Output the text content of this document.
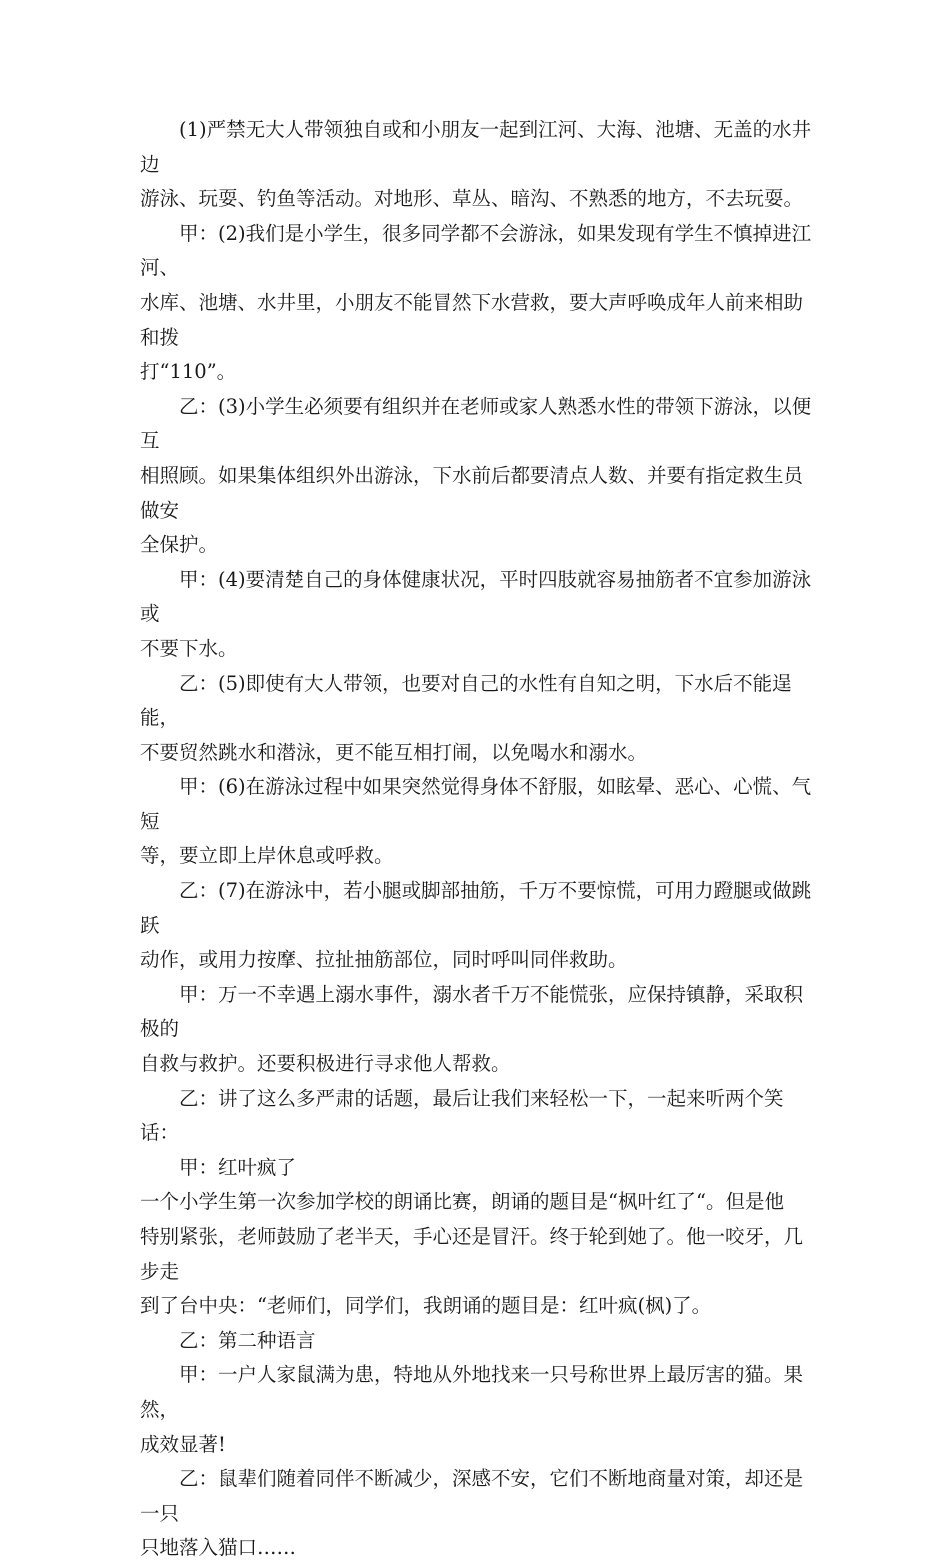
(1)严禁无大人带领独自或和小朋友一起到江河、大海、池塘、无盖的水井边
游泳、玩耍、钓鱼等活动。对地形、草丛、暗沟、不熟悉的地方，不去玩耍。

甲：(2)我们是小学生，很多同学都不会游泳，如果发现有学生不慎掉进江河、
水库、池塘、水井里，小朋友不能冒然下水营救，要大声呼唤成年人前来相助和拨
打“110”。

乙：(3)小学生必须要有组织并在老师或家人熟悉水性的带领下游泳，以便互
相照顾。如果集体组织外出游泳，下水前后都要清点人数、并要有指定救生员做安
全保护。

甲：(4)要清楚自己的身体健康状况，平时四肢就容易抽筋者不宜参加游泳或
不要下水。

乙：(5)即使有大人带领，也要对自己的水性有自知之明，下水后不能逞能，
不要贸然跳水和潜泳，更不能互相打闹，以免喝水和溺水。

甲：(6)在游泳过程中如果突然觉得身体不舒服，如眩晕、恶心、心慌、气短
等，要立即上岸休息或呼救。

乙：(7)在游泳中，若小腿或脚部抽筋，千万不要惊慌，可用力蹬腿或做跳跃
动作，或用力按摩、拉扯抽筋部位，同时呼叫同伴救助。

甲：万一不幸遇上溺水事件，溺水者千万不能慌张，应保持镇静，采取积极的
自救与救护。还要积极进行寻求他人帮救。

乙：讲了这么多严肃的话题，最后让我们来轻松一下，一起来听两个笑话：

甲：红叶疯了

一个小学生第一次参加学校的朗诵比赛，朗诵的题目是“枫叶红了“。但是他
特别紧张，老师鼓励了老半天，手心还是冒汗。终于轮到她了。他一咬牙，几步走
到了台中央：“老师们，同学们，我朗诵的题目是：红叶疯(枫)了。

乙：第二种语言

甲：一户人家鼠满为患，特地从外地找来一只号称世界上最厉害的猫。果然，
成效显著!

乙：鼠辈们随着同伴不断减少，深感不安，它们不断地商量对策，却还是一只
只地落入猫口……
